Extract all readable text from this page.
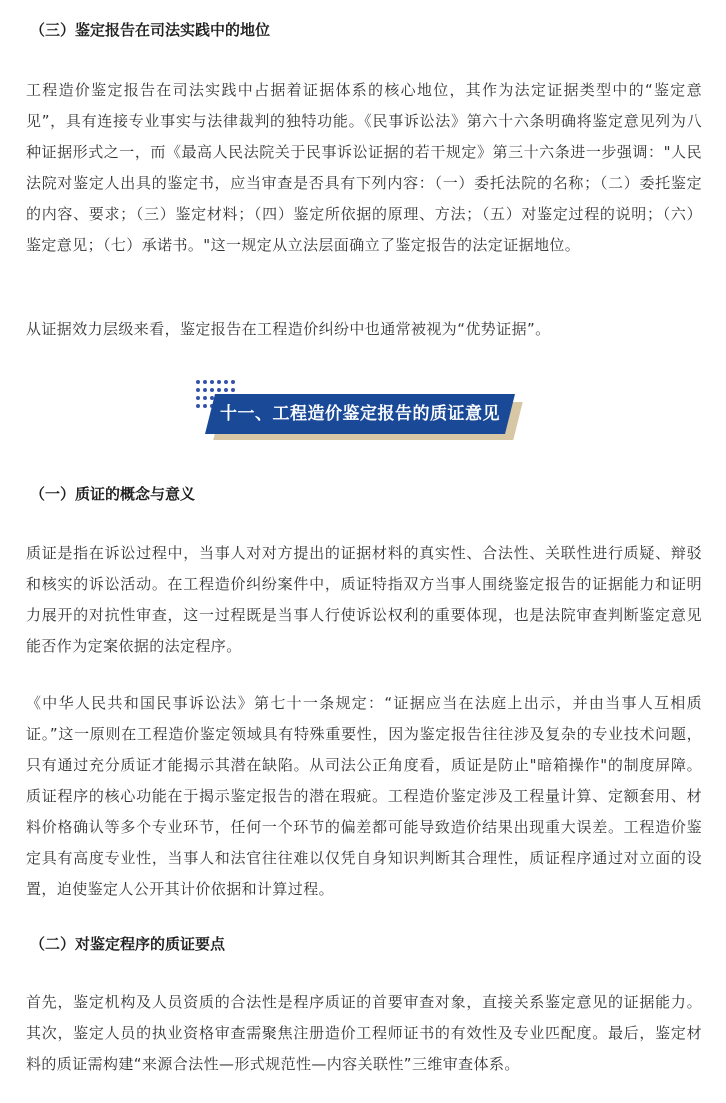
（三）鉴定报告在司法实践中的地位

工程造价鉴定报告在司法实践中占据着证据体系的核心地位，其作为法定证据类型中的“鉴定意见”，具有连接专业事实与法律裁判的独特功能。《民事诉讼法》第六十六条明确将鉴定意见列为八种证据形式之一，而《最高人民法院关于民事诉讼证据的若干规定》第三十六条进一步强调："人民法院对鉴定人出具的鉴定书，应当审查是否具有下列内容：（一）委托法院的名称；（二）委托鉴定的内容、要求；（三）鉴定材料；（四）鉴定所依据的原理、方法；（五）对鉴定过程的说明；（六）鉴定意见；（七）承诺书。"这一规定从立法层面确立了鉴定报告的法定证据地位。

从证据效力层级来看，鉴定报告在工程造价纠纷中也通常被视为“优势证据”。

十一、工程造价鉴定报告的质证意见

（一）质证的概念与意义

质证是指在诉讼过程中，当事人对对方提出的证据材料的真实性、合法性、关联性进行质疑、辩驳和核实的诉讼活动。在工程造价纠纷案件中，质证特指双方当事人围绕鉴定报告的证据能力和证明力展开的对抗性审查，这一过程既是当事人行使诉讼权利的重要体现，也是法院审查判断鉴定意见能否作为定案依据的法定程序。

《中华人民共和国民事诉讼法》第七十一条规定：“证据应当在法庭上出示，并由当事人互相质证。”这一原则在工程造价鉴定领域具有特殊重要性，因为鉴定报告往往涉及复杂的专业技术问题，只有通过充分质证才能揭示其潜在缺陷。从司法公正角度看，质证是防止"暗箱操作"的制度屏障。质证程序的核心功能在于揭示鉴定报告的潜在瑕疵。工程造价鉴定涉及工程量计算、定额套用、材料价格确认等多个专业环节，任何一个环节的偏差都可能导致造价结果出现重大误差。工程造价鉴定具有高度专业性，当事人和法官往往难以仅凭自身知识判断其合理性，质证程序通过对立面的设置，迫使鉴定人公开其计价依据和计算过程。

（二）对鉴定程序的质证要点

首先，鉴定机构及人员资质的合法性是程序质证的首要审查对象，直接关系鉴定意见的证据能力。其次，鉴定人员的执业资格审查需聚焦注册造价工程师证书的有效性及专业匹配度。最后，鉴定材料的质证需构建“来源合法性—形式规范性—内容关联性”三维审查体系。
